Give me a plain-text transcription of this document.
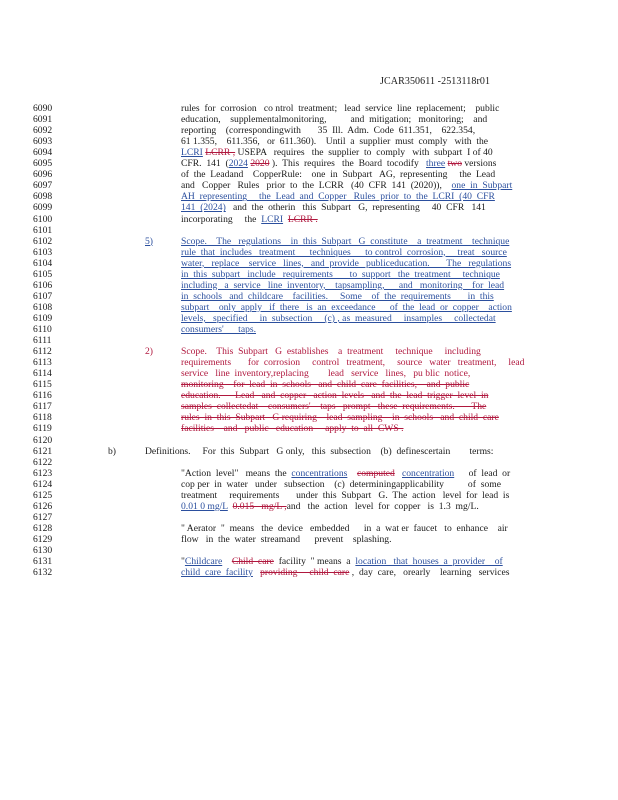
JCAR350611 -2513118r01
6090	rules  for  corrosion   co ntrol  treatment;   lead  service  line  replacement;    public
6091	education,    supplementalmonitoring,          and  mitigation;   monitoring;    and
6092	reporting    (correspondingwith       35  Ill.  Adm.  Code  611.351,    622.354,
6093	61 1.355,    611.356,   or  611.360).    Until  a  supplier  must  comply   with  the
6094	LCRI LCRR , USEPA   requires   the  supplier  to  comply   with  subpart  I of 40
6095	CFR.  141  (2024 2020 ).  This  requires   the  Board  tocodify   three two versions
6096	of  the  Leadand    CopperRule:    one  in  Subpart   AG,  representing     the  Lead
6097	and   Copper   Rules   prior  to  the  LCRR   (40  CFR  141  (2020)),    one  in  Subpart
6098	AH  representing     the  Lead  and  Copper   Rules  prior  to  the  LCRI  (40  CFR
6099	141  (2024)   and  the  otherin   this  Subpart   G,  representing     40  CFR   141
6100	incorporating     the  LCRI LCRR .
6101
6102	5)	Scope.    The   regulations    in  this  Subpart   G  constitute    a  treatment    technique
6103	rule  that  includes   treatment      techniques      to control  corrosion,     treat   source
6104	water,   replace    service   lines,   and  provide   publiceducation.       The   regulations
6105	in  this  subpart   include   requirements       to  support   the  treatment     technique
6106	including   a  service   line  inventory,    tapsampling,      and   monitoring    for  lead
6107	in  schools   and  childcare    facilities.     Some    of  the  requirements       in  this
6108	subpart    only  apply   if  there   is  an  exceedance      of  the  lead  or  copper    action
6109	levels,   specified     in  subsection     (c) , as  measured     insamples     collectedat
6110	consumers'      taps.
6111
6112	2)	Scope.    This  Subpart   G  establishes    a  treatment     technique     including
6113	requirements       for  corrosion     control   treatment,     source   water   treatment,     lead
6114	service   line  inventory,replacing        lead   service   lines,   pu blic  notice,
6115	monitoring    for  lead  in  schools   and  child  care  facilities,    and  public
6116	education.      Lead   and  copper   action  levels   and  the  lead  trigger  level  in
6117	samples  collectedat    consumers'    taps   prompt   these  requirements.       The
6118	rules  in  this  Subpart   G requiring    lead  sampling    in  schools   and  child  care
6119	facilities    and   public   education     apply  to  all  CWS .
6120
6121	b)	Definitions.     For  this  Subpart   G only,   this  subsection    (b)  definescertain        terms:
6122
6123	"Action  level"   means  the  concentrations computed concentration      of  lead  or
6124	cop per  in  water   under   subsection    (c)  determiningapplicability          of  some
6125	treatment     requirements       under  this  Subpart   G.  The  action   level  for  lead  is
6126	0.01 0 mg/L 0.015   mg/L ,and   the  action   level  for  copper   is  1.3  mg/L.
6127
6128	" Aerator  "  means   the  device   embedded      in  a  wat er  faucet   to  enhance    air
6129	flow   in  the  water  streamand      prevent    splashing.
6130
6131	"Childcare Child  care  facility  " means  a  location   that  houses  a  provider    of
6132	child  care  facility providing     child  care ,  day  care,   orearly    learning   services
